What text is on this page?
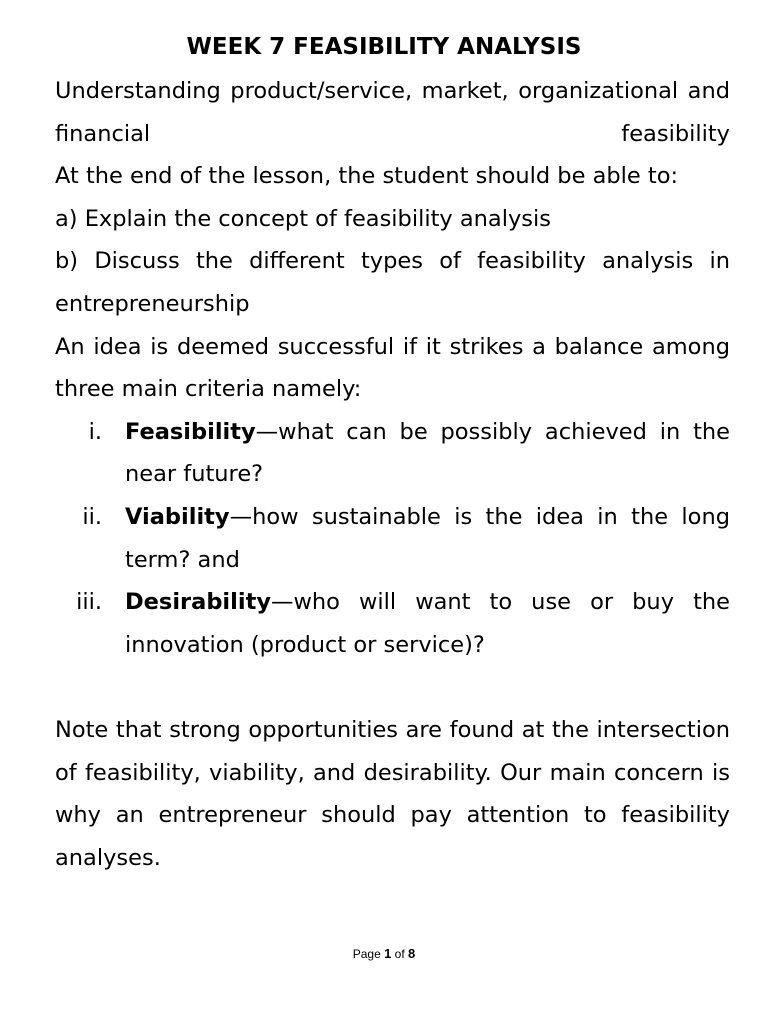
WEEK 7 FEASIBILITY ANALYSIS

Understanding product/service, market, organizational and financial feasibility

At the end of the lesson, the student should be able to:

a) Explain the concept of feasibility analysis

b) Discuss the different types of feasibility analysis in entrepreneurship

An idea is deemed successful if it strikes a balance among three main criteria namely:

i. Feasibility—what can be possibly achieved in the near future?
ii. Viability—how sustainable is the idea in the long term? and
iii. Desirability—who will want to use or buy the innovation (product or service)?

Note that strong opportunities are found at the intersection of feasibility, viability, and desirability. Our main concern is why an entrepreneur should pay attention to feasibility analyses.

Page 1 of 8
